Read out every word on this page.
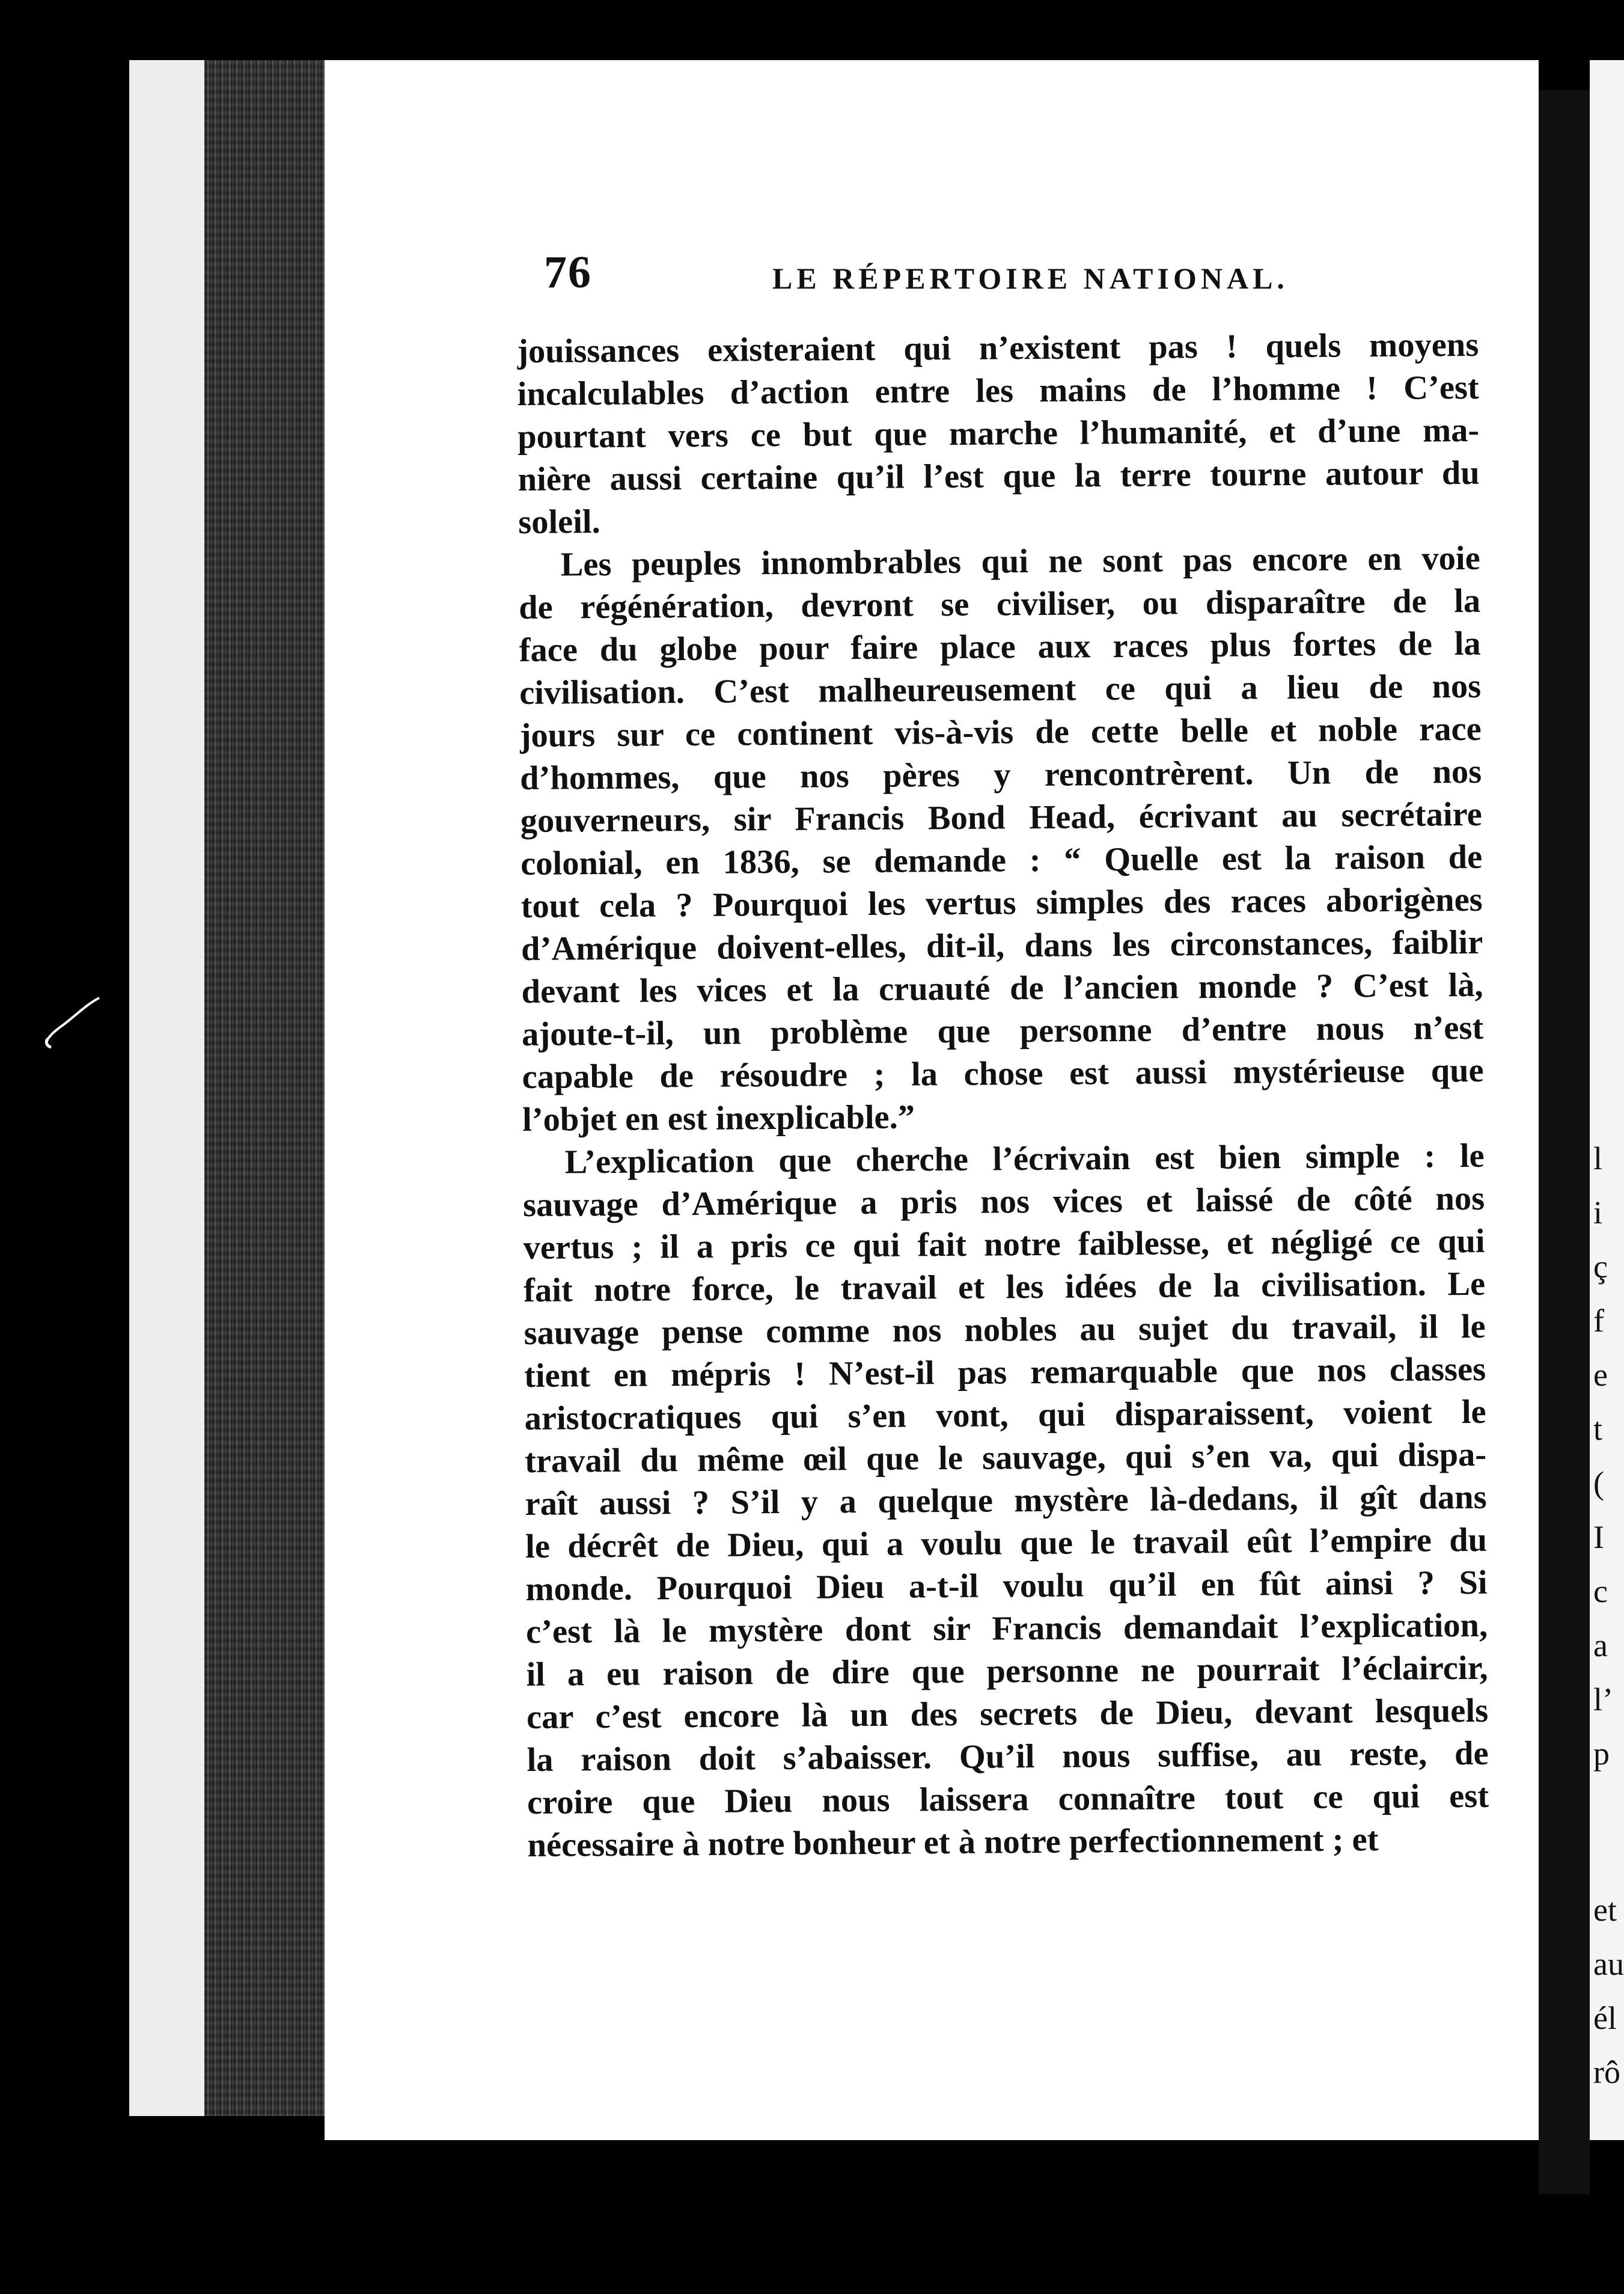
l
i
ç
f
e
t
(
I
c
a
l’
p
et
au
él
rô
76	LE RÉPERTOIRE NATIONAL.

jouissances existeraient qui n’existent pas ! quels moyens
incalculables d’action entre les mains de l’homme ! C’est
pourtant vers ce but que marche l’humanité, et d’une ma-
nière aussi certaine qu’il l’est que la terre tourne autour du
soleil.

Les peuples innombrables qui ne sont pas encore en voie
de régénération, devront se civiliser, ou disparaître de la
face du globe pour faire place aux races plus fortes de la
civilisation. C’est malheureusement ce qui a lieu de nos
jours sur ce continent vis-à-vis de cette belle et noble race
d’hommes, que nos pères y rencontrèrent. Un de nos
gouverneurs, sir Francis Bond Head, écrivant au secrétaire
colonial, en 1836, se demande : “ Quelle est la raison de
tout cela ? Pourquoi les vertus simples des races aborigènes
d’Amérique doivent-elles, dit-il, dans les circonstances, faiblir
devant les vices et la cruauté de l’ancien monde ? C’est là,
ajoute-t-il, un problème que personne d’entre nous n’est
capable de résoudre ; la chose est aussi mystérieuse que
l’objet en est inexplicable.”

L’explication que cherche l’écrivain est bien simple : le
sauvage d’Amérique a pris nos vices et laissé de côté nos
vertus ; il a pris ce qui fait notre faiblesse, et négligé ce qui
fait notre force, le travail et les idées de la civilisation. Le
sauvage pense comme nos nobles au sujet du travail, il le
tient en mépris ! N’est-il pas remarquable que nos classes
aristocratiques qui s’en vont, qui disparaissent, voient le
travail du même œil que le sauvage, qui s’en va, qui dispa-
raît aussi ? S’il y a quelque mystère là-dedans, il gît dans
le décrêt de Dieu, qui a voulu que le travail eût l’empire du
monde. Pourquoi Dieu a-t-il voulu qu’il en fût ainsi ? Si
c’est là le mystère dont sir Francis demandait l’explication,
il a eu raison de dire que personne ne pourrait l’éclaircir,
car c’est encore là un des secrets de Dieu, devant lesquels
la raison doit s’abaisser. Qu’il nous suffise, au reste, de
croire que Dieu nous laissera connaître tout ce qui est
nécessaire à notre bonheur et à notre perfectionnement ; et
